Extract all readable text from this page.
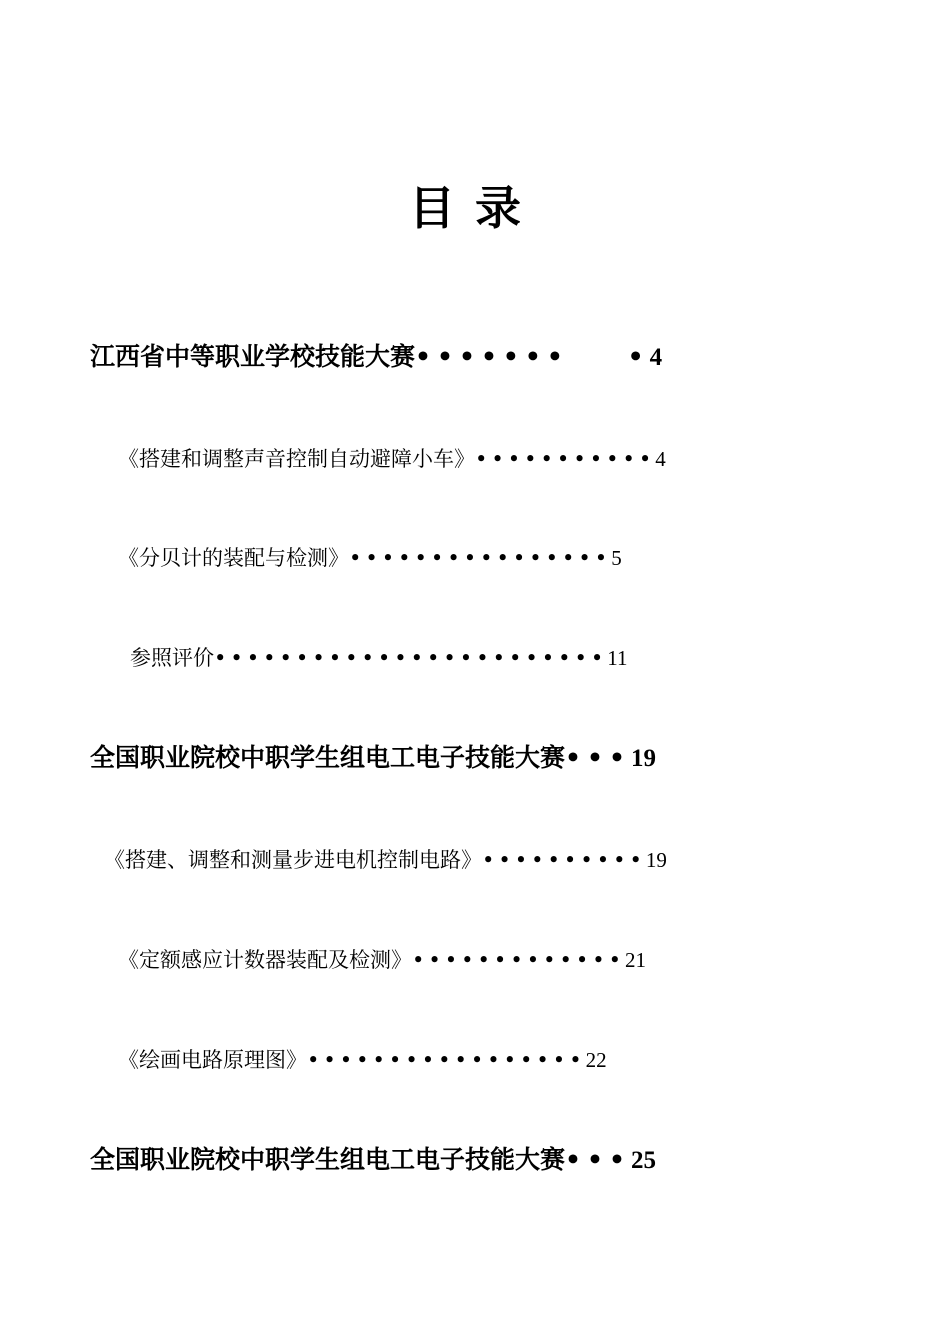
目录
江西省中等职业学校技能大赛•••••••    •4
《搭建和调整声音控制自动避障小车》•••••••••••4
《分贝计的装配与检测》••••••••••••••••5
参照评价••••••••••••••••••••••••11
全国职业院校中职学生组电工电子技能大赛•••19
《搭建、调整和测量步进电机控制电路》••••••••••19
《定额感应计数器装配及检测》•••••••••••••21
《绘画电路原理图》•••••••••••••••••22
全国职业院校中职学生组电工电子技能大赛•••25
